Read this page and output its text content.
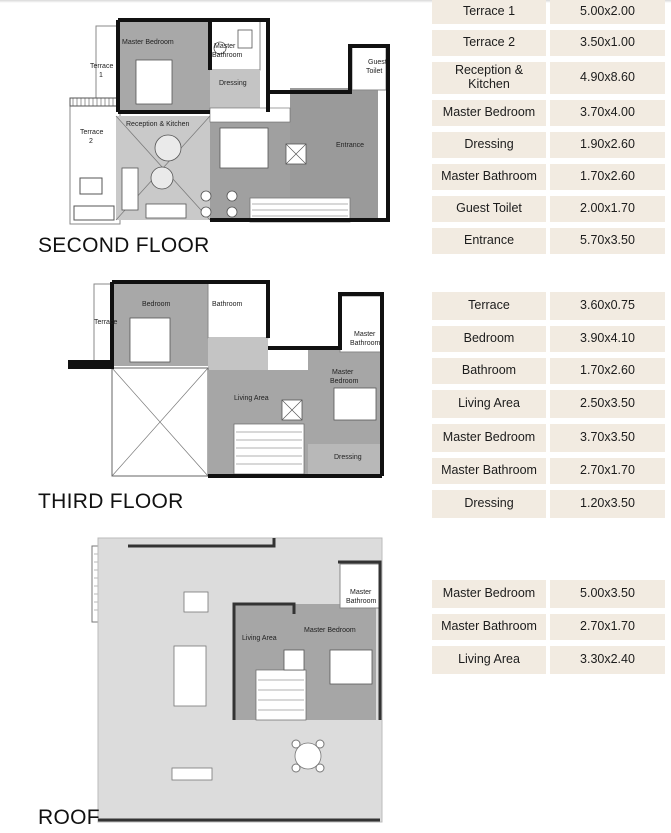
Master Bedroom
Master
Bathroom
Terrace
1
Terrace
2
Dressing
Guest
Toilet
Reception & Kitchen
Entrance
SECOND FLOOR
Terrace
Bedroom	Bathroom
Master
Bathroom
Master
Bedroom
Living Area
Dressing
THIRD FLOOR
Master
Bathroom
Living Area
Master Bedroom
ROOF
Terrace 1	5.00x2.00
Terrace 2	3.50x1.00
Reception &
Kitchen	4.90x8.60
Master Bedroom	3.70x4.00
Dressing	1.90x2.60
Master Bathroom	1.70x2.60
Guest Toilet	2.00x1.70
Entrance	5.70x3.50
Terrace	3.60x0.75
Bedroom	3.90x4.10
Bathroom	1.70x2.60
Living Area	2.50x3.50
Master Bedroom	3.70x3.50
Master Bathroom	2.70x1.70
Dressing	1.20x3.50
Master Bedroom	5.00x3.50
Master Bathroom	2.70x1.70
Living Area	3.30x2.40
